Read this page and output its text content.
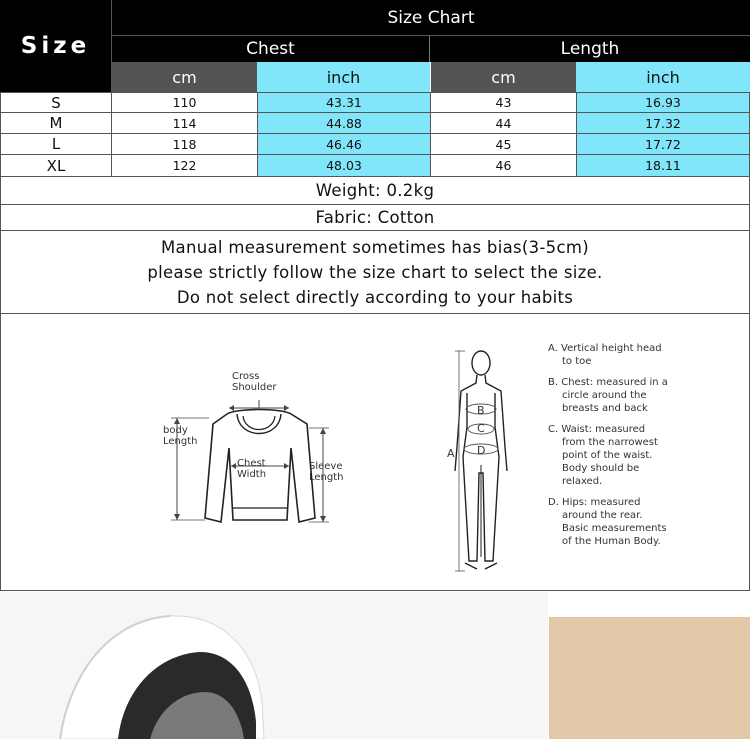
Size
Size Chart
Chest	Length
cm	inch	cm	inch
S	110	43.31	43	16.93
M	114	44.88	44	17.32
L	118	46.46	45	17.72
XL	122	48.03	46	18.11
Weight: 0.2kg
Fabric: Cotton
Manual measurement sometimes has bias(3-5cm)
please strictly follow the size chart to select the size.
Do not select directly according to your habits
Cross
Shoulder
body
Length
Chest
Width
Sleeve
Length
A
B
C
D
A. Vertical height head
to toe
B. Chest: measured in a
circle around the
breasts and back
C. Waist: measured
from the narrowest
point of the waist.
Body should be
relaxed.
D. Hips: measured
around the rear.
Basic measurements
of the Human Body.
